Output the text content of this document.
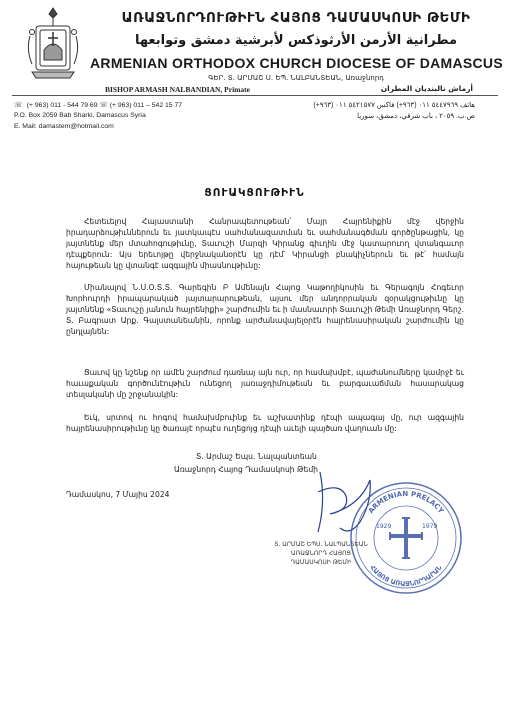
ԱՌԱՋՆՈՐԴՈՒԹԻՒՆ ՀԱՅՈՑ ԴԱՄԱՍԿՈՍԻ ԹԵՄԻ
مطرانية الأرمن الأرثوذكس لأبرشية دمشق وتوابعها
ARMENIAN ORTHODOX CHURCH DIOCESE OF DAMASCUS
ԳԵՐ. Տ. ԱՐՄԱՇ Ս. ԵՊ. ՆԱԼԲԱՆՏԵԱՆ, Առաջնորդ
BISHOP ARMASH NALBANDIAN, Primate	أرماش نالبنديان المطران
☏ (+ 963) 011 - 544 79 69 ☏ (+ 963) 011 – 542 15 77
P.O. Box 2059 Bab Sharki, Damascus Syria
E. Mail: damastem@hotmail.com
هاتف ٥٤٤٧٩٦٩ ٠١١ (٩٦٣+) فاكس ٥٤٢١٥٧٧ ٠١١ (٩٦٣+)
ص.ب. ٢٠٥٩ ، باب شرقي، دمشق، سوريا
ՑՈՒԱԿՑՈՒԹԻՒՆ

Հետեւելով Հայաստանի Հանրապետութեան՝ Մայր Հայրենիքին մէջ վերջին իրադարձութիւններուն եւ յատկապէս սահմանազատման եւ սահմանագծման գործընթացին, կը յայտնենք մեր մտահոգութիւնը, Տաւուշի Մարզի Կիրանց գիւղին մէջ կատարուող վտանգաւոր դէպքերուն: Այս երեւոյթը վերջնականօրէն կը դէմ՝ Կիրանցի բնակիչներուն եւ թէ՛ համայն հայութեան կը վտանգէ ազգային միասնութիւնը:

Միանալով Ն.Ս.Օ.Տ.Տ. Գարեգին Բ Ամենայն Հայոց Կաթողիկոսին եւ Գերագոյն Հոգեւոր Խորհուրդի իրապարակած յայտարարութեան, այսու մեր անդորրական զօրակցութիւնը կը յայտնենք «Տաւուշը յանուն հայրենիքի» շարժումին եւ ի մասնաւորի Տաւուշի Թեմի Առաջնորդ Գերշ. Տ. Բագրատ Արք. Գալստանեանին, որոնք արժանավայելօրէն հայրենասիրական շարժումին կը ընդլայնեն:

Ցաւով կը նշենք որ ամէն շարժում դառնայ այն ուր, որ համախմբէ, պաժանումները կամրջէ եւ հաւաքական գործունէութիւն ունեցող յառաջդիմութեան եւ բարգաւաճման հասարակաց տեսլականի մը շրջանակին:

Եւկ, սրտով ու հոգով համախմբուինք եւ աշխատինք դէպի ապագայ մը, ուր ազգային հայրենասիրութիւնը կը ծառայէ որպէս ուղեցոյց դէպի աւելի պայծառ վաղուան մը:

Տ. Արմաշ Եպս. Նալպանտեան
Առաջնորդ Հայոց Դամասկոսի Թեմի
Դամասկոս, 7 Մայիս 2024
Տ. ԱՐՄԱՇ ԵՊՍ. ՆԱԼՊԱՆՏԵԱՆ
ԱՌԱՋՆՈՐԴ ՀԱՅՈՑ
ԴԱՄԱՍԿՈՍԻ ԹԵՄԻ
ARMENIAN PRELACY
ՀԱՅՈՑ ԱՌԱՋՆՈՐԴԱՐԱՆ
1929	1979
